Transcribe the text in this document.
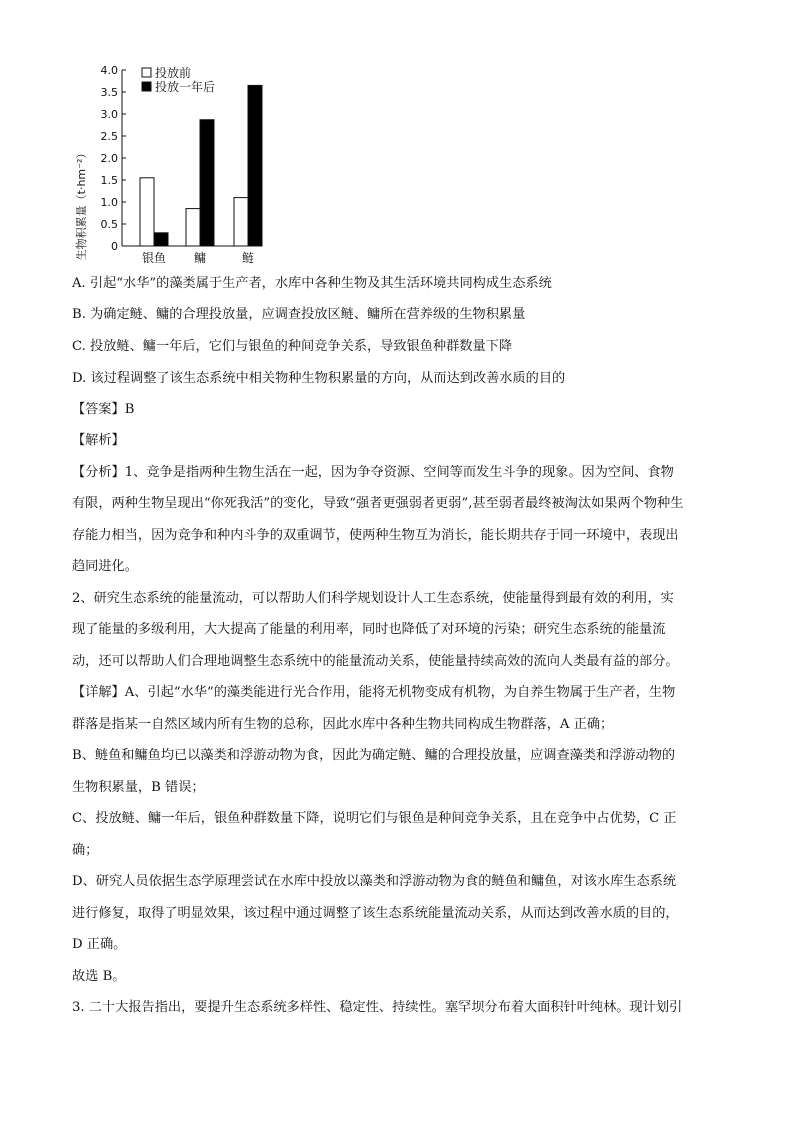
生物积累量（t·hm⁻²） 0
0.5
1.0
1.5
2.0
2.5
3.0
3.5
4.0	投放前
投放一年后
银鱼 鳙	鲢
A. 引起“水华”的藻类属于生产者，水库中各种生物及其生活环境共同构成生态系统
B. 为确定鲢、鳙的合理投放量，应调查投放区鲢、鳙所在营养级的生物积累量
C. 投放鲢、鳙一年后，它们与银鱼的种间竞争关系，导致银鱼种群数量下降
D. 该过程调整了该生态系统中相关物种生物积累量的方向，从而达到改善水质的目的
【答案】B
【解析】
【分析】1、竞争是指两种生物生活在一起，因为争夺资源、空间等而发生斗争的现象。因为空间、食物
有限，两种生物呈现出“你死我活”的变化，导致“强者更强弱者更弱”,甚至弱者最终被淘汰如果两个物种生
存能力相当，因为竞争和种内斗争的双重调节，使两种生物互为消长，能长期共存于同一环境中，表现出
趋同进化。
2、研究生态系统的能量流动，可以帮助人们科学规划设计人工生态系统，使能量得到最有效的利用，实
现了能量的多级利用，大大提高了能量的利用率，同时也降低了对环境的污染；研究生态系统的能量流
动，还可以帮助人们合理地调整生态系统中的能量流动关系，使能量持续高效的流向人类最有益的部分。
【详解】A、引起“水华”的藻类能进行光合作用，能将无机物变成有机物，为自养生物属于生产者，生物
群落是指某一自然区域内所有生物的总称，因此水库中各种生物共同构成生物群落，A 正确；
B、鲢鱼和鳙鱼均已以藻类和浮游动物为食，因此为确定鲢、鳙的合理投放量，应调查藻类和浮游动物的
生物积累量，B 错误；
C、投放鲢、鳙一年后，银鱼种群数量下降，说明它们与银鱼是种间竞争关系，且在竞争中占优势，C 正
确；
D、研究人员依据生态学原理尝试在水库中投放以藻类和浮游动物为食的鲢鱼和鳙鱼，对该水库生态系统
进行修复，取得了明显效果，该过程中通过调整了该生态系统能量流动关系，从而达到改善水质的目的，
D 正确。
故选 B。
3. 二十大报告指出，要提升生态系统多样性、稳定性、持续性。塞罕坝分布着大面积针叶纯林。现计划引
